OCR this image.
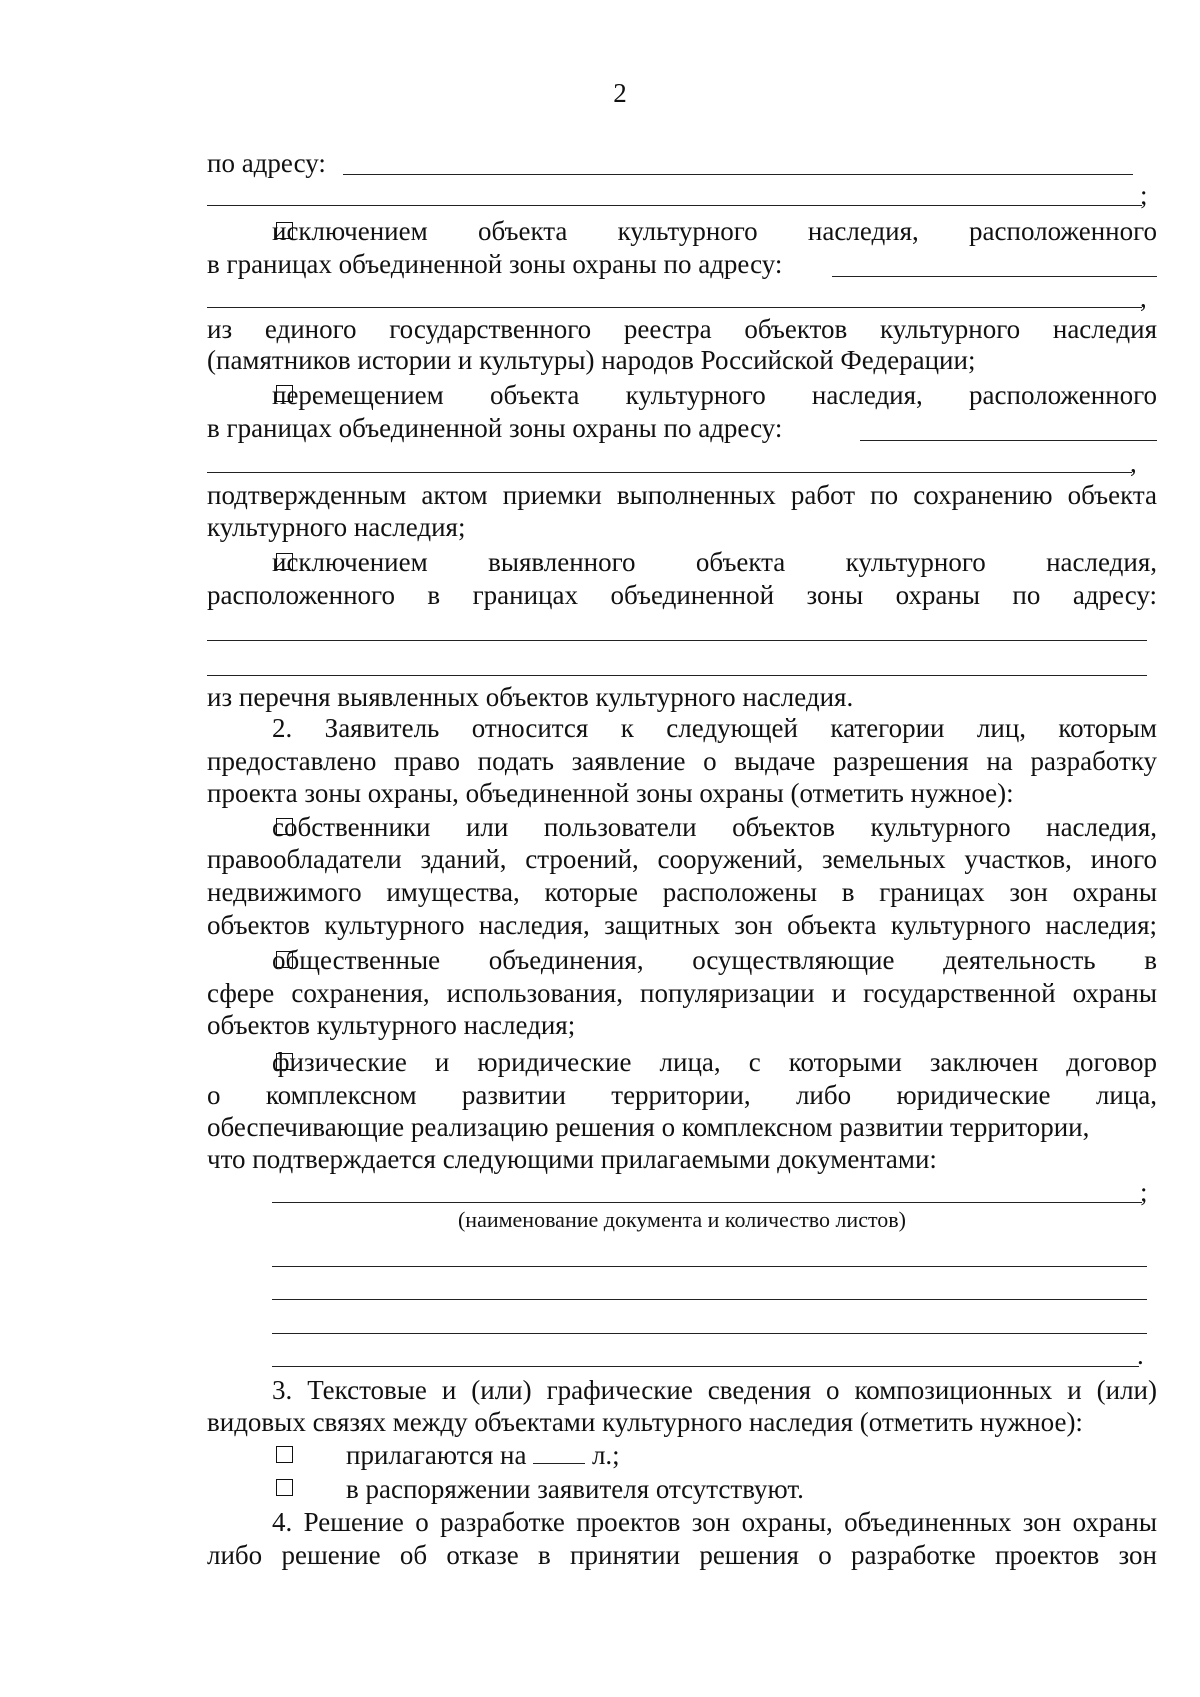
2
по адресу:
;
исключением объекта культурного наследия, расположенного
в границах объединенной зоны охраны по адресу:
,
из единого государственного реестра объектов культурного наследия
(памятников истории и культуры) народов Российской Федерации;
перемещением объекта культурного наследия, расположенного
в границах объединенной зоны охраны по адресу:
,
подтвержденным актом приемки выполненных работ по сохранению объекта
культурного наследия;
исключением выявленного объекта культурного наследия,
расположенного в границах объединенной зоны охраны по адресу:
из перечня выявленных объектов культурного наследия.
2. Заявитель относится к следующей категории лиц, которым
предоставлено право подать заявление о выдаче разрешения на разработку
проекта зоны охраны, объединенной зоны охраны (отметить нужное):
собственники или пользователи объектов культурного наследия,
правообладатели зданий, строений, сооружений, земельных участков, иного
недвижимого имущества, которые расположены в границах зон охраны
объектов культурного наследия, защитных зон объекта культурного наследия;
общественные объединения, осуществляющие деятельность в
сфере сохранения, использования, популяризации и государственной охраны
объектов культурного наследия;
физические и юридические лица, с которыми заключен договор
о комплексном развитии территории, либо юридические лица,
обеспечивающие реализацию решения о комплексном развитии территории,
что подтверждается следующими прилагаемыми документами:
;
(наименование документа и количество листов)
.
3. Текстовые и (или) графические сведения о композиционных и (или)
видовых связях между объектами культурного наследия (отметить нужное):
прилагаются на л.;
в распоряжении заявителя отсутствуют.
4. Решение о разработке проектов зон охраны, объединенных зон охраны
либо решение об отказе в принятии решения о разработке проектов зон
